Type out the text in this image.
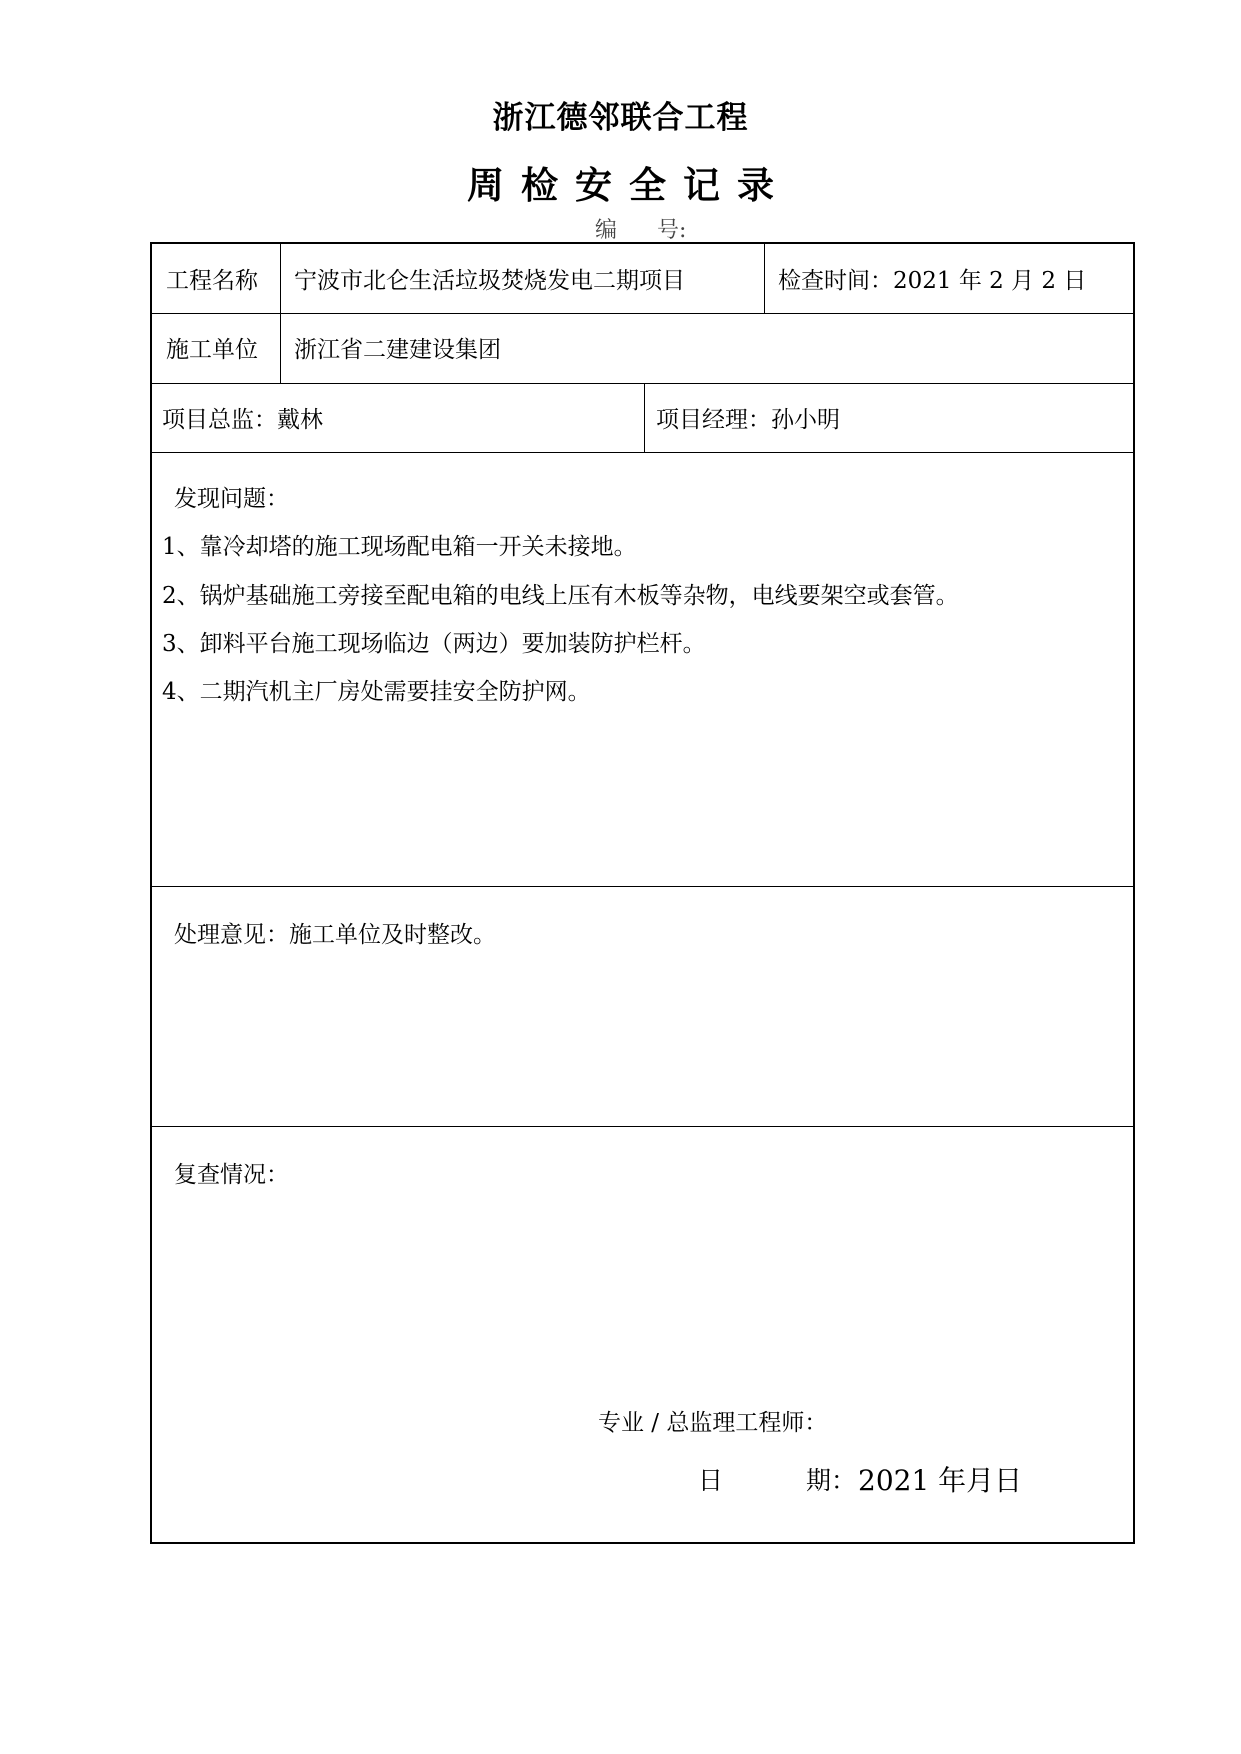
浙江德邻联合工程
周检安全记录
编 号:
工程名称 宁波市北仑生活垃圾焚烧发电二期项目	检查时间：2021 年 2 月 2 日
施工单位 浙江省二建建设集团
项目总监：戴林	项目经理：孙小明
发现问题：
1、靠冷却塔的施工现场配电箱一开关未接地。
2、锅炉基础施工旁接至配电箱的电线上压有木板等杂物，电线要架空或套管。
3、卸料平台施工现场临边（两边）要加装防护栏杆。
4、二期汽机主厂房处需要挂安全防护网。
处理意见：施工单位及时整改。
复查情况：
专业 / 总监理工程师：
日	期： 2021 年月日
